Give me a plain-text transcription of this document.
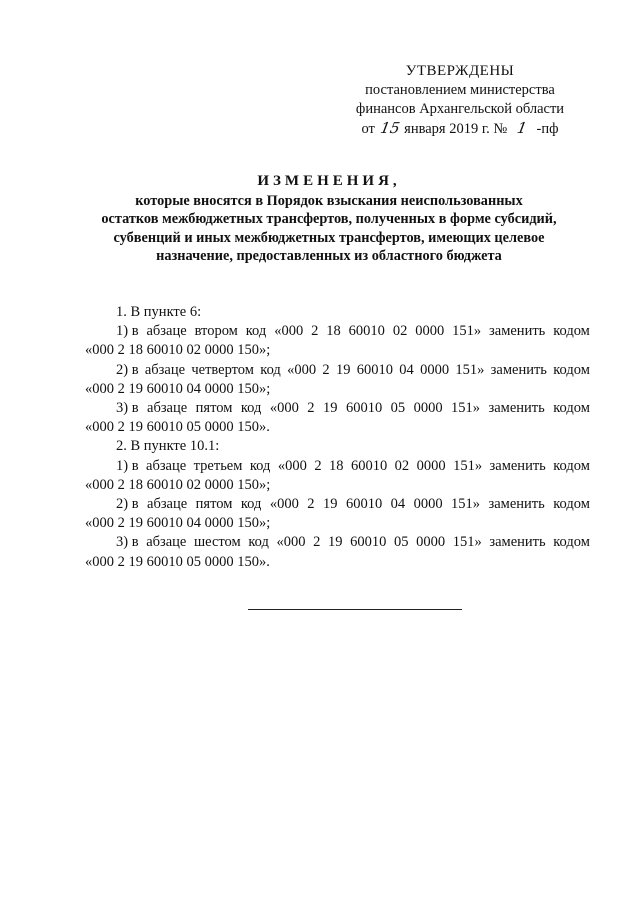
УТВЕРЖДЕНЫ
постановлением министерства
финансов Архангельской области
от 15 января 2019 г. № 1 -пф
ИЗМЕНЕНИЯ,
которые вносятся в Порядок взыскания неиспользованных
остатков межбюджетных трансфертов, полученных в форме субсидий,
субвенций и иных межбюджетных трансфертов, имеющих целевое
назначение, предоставленных из областного бюджета
1. В пункте 6:
1) в абзаце втором код «000 2 18 60010 02 0000 151» заменить кодом
«000 2 18 60010 02 0000 150»;
2) в абзаце четвертом код «000 2 19 60010 04 0000 151» заменить кодом
«000 2 19 60010 04 0000 150»;
3) в абзаце пятом код «000 2 19 60010 05 0000 151» заменить кодом
«000 2 19 60010 05 0000 150».
2. В пункте 10.1:
1) в абзаце третьем код «000 2 18 60010 02 0000 151» заменить кодом
«000 2 18 60010 02 0000 150»;
2) в абзаце пятом код «000 2 19 60010 04 0000 151» заменить кодом
«000 2 19 60010 04 0000 150»;
3) в абзаце шестом код «000 2 19 60010 05 0000 151» заменить кодом
«000 2 19 60010 05 0000 150».
